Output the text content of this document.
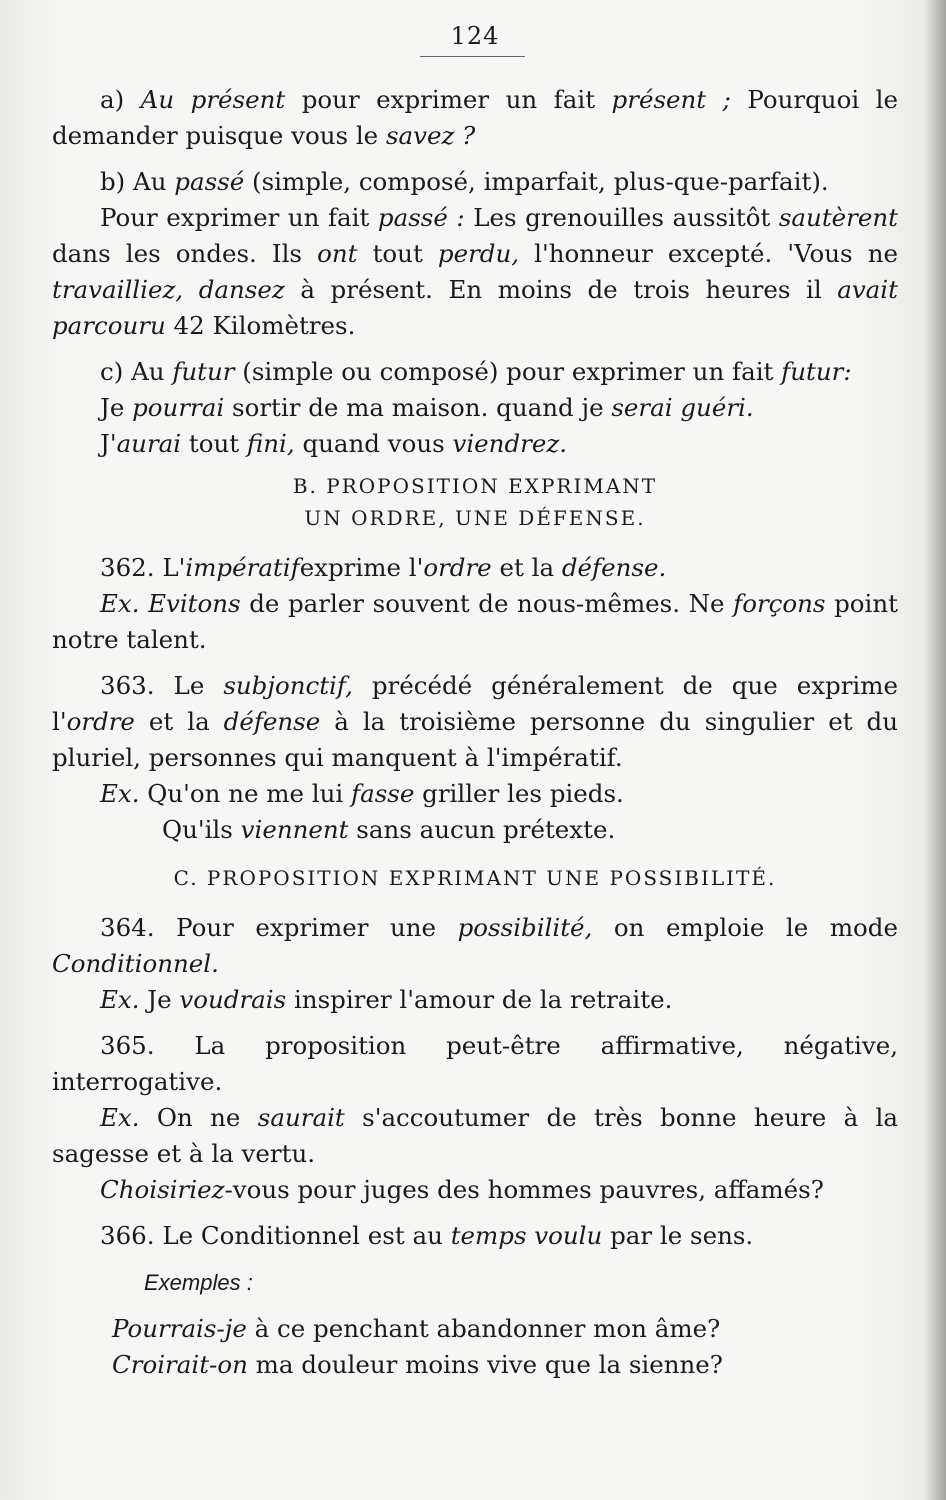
124

a) Au présent pour exprimer un fait présent ; Pourquoi le demander puisque vous le savez ?

b) Au passé (simple, composé, imparfait, plus-que-parfait).

Pour exprimer un fait passé : Les grenouilles aussitôt sautèrent dans les ondes. Ils ont tout perdu, l'honneur excepté. 'Vous ne travailliez, dansez à présent. En moins de trois heures il avait parcouru 42 Kilomètres.

c) Au futur (simple ou composé) pour exprimer un fait futur:

Je pourrai sortir de ma maison. quand je serai guéri.

J'aurai tout fini, quand vous viendrez.

B. PROPOSITION EXPRIMANT
UN ORDRE, UNE DÉFENSE.

362. L'impératifexprime l'ordre et la défense.

Ex. Evitons de parler souvent de nous-mêmes. Ne forçons point notre talent.

363. Le subjonctif, précédé généralement de que exprime l'ordre et la défense à la troisième personne du singulier et du pluriel, personnes qui manquent à l'impératif.

Ex. Qu'on ne me lui fasse griller les pieds.

Qu'ils viennent sans aucun prétexte.

C. PROPOSITION EXPRIMANT UNE POSSIBILITÉ.

364. Pour exprimer une possibilité, on emploie le mode Conditionnel.

Ex. Je voudrais inspirer l'amour de la retraite.

365. La proposition peut-être affirmative, négative, interrogative.

Ex. On ne saurait s'accoutumer de très bonne heure à la sagesse et à la vertu.

Choisiriez-vous pour juges des hommes pauvres, affamés?

366. Le Conditionnel est au temps voulu par le sens.

Exemples :

Pourrais-je à ce penchant abandonner mon âme?

Croirait-on ma douleur moins vive que la sienne?
